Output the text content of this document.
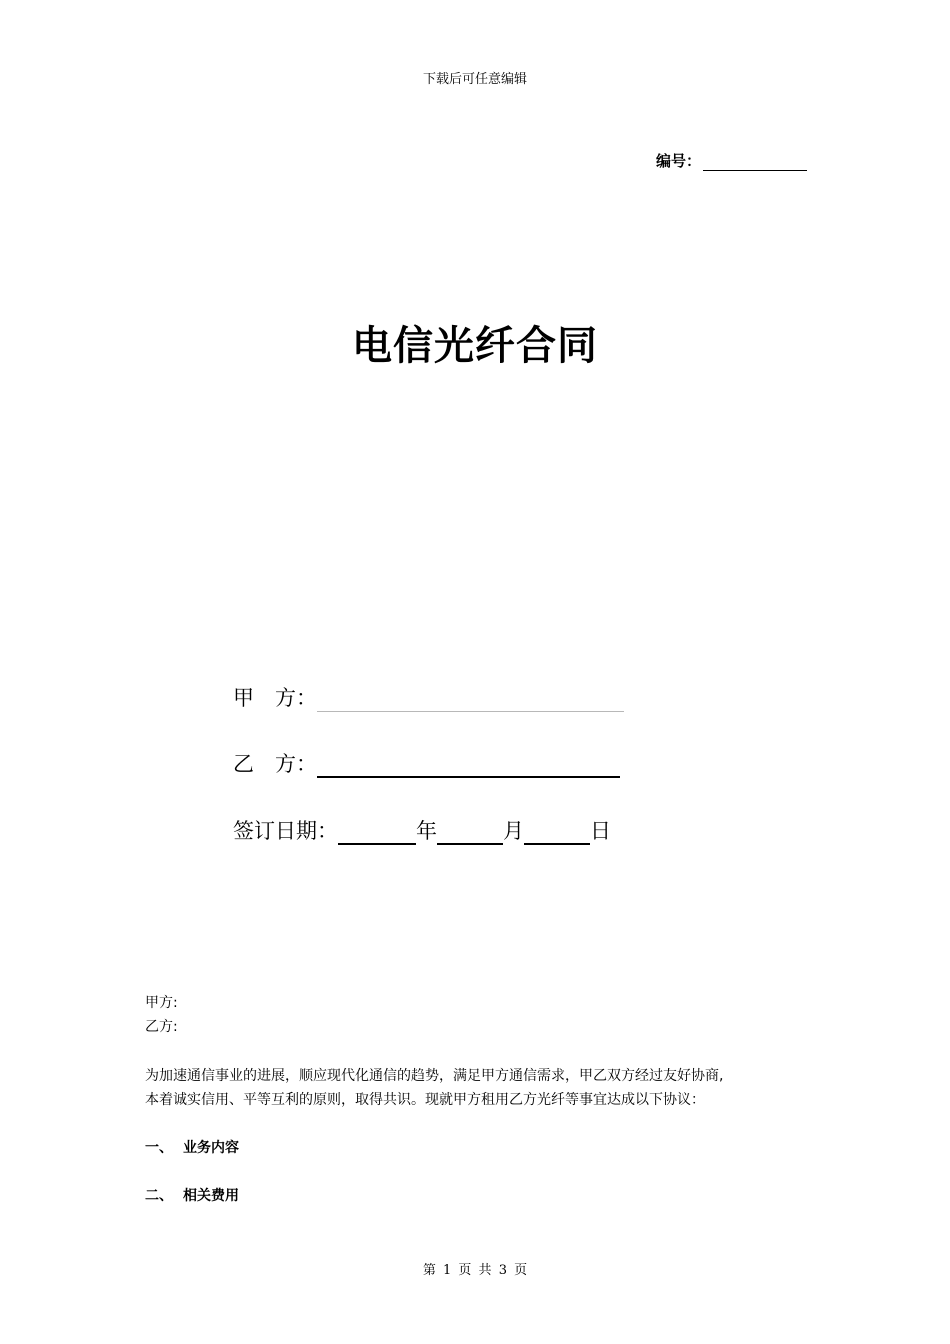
下载后可任意编辑
编号：
电信光纤合同
甲　方：
乙　方：
签订日期：	年	月	日
甲方:
乙方:
为加速通信事业的进展，顺应现代化通信的趋势，满足甲方通信需求，甲乙双方经过友好协商,
本着诚实信用、平等互利的原则，取得共识。现就甲方租用乙方光纤等事宜达成以下协议：
一、 业务内容
二、 相关费用
第 1 页 共 3 页
